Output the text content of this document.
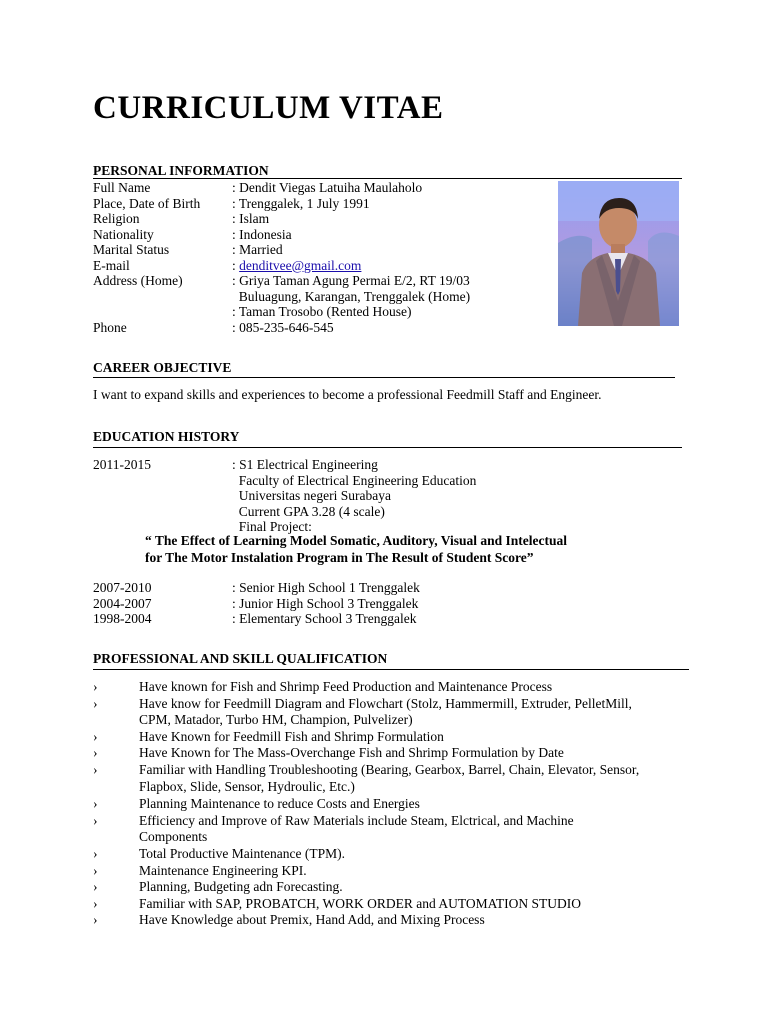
CURRICULUM VITAE
PERSONAL INFORMATION
Full Name	: Dendit Viegas Latuiha Maulaholo
Place, Date of Birth : Trenggalek, 1 July 1991
Religion	: Islam
Nationality	: Indonesia
Marital Status	: Married
E-mail	: denditvee@gmail.com
Address (Home)	: Griya Taman Agung Permai E/2, RT 19/03
Buluagung, Karangan, Trenggalek (Home)
: Taman Trosobo (Rented House)
Phone	: 085-235-646-545
CAREER OBJECTIVE
I want to expand skills and experiences to become a professional Feedmill Staff and Engineer.
EDUCATION HISTORY
2011-2015	: S1 Electrical Engineering
Faculty of Electrical Engineering Education
Universitas negeri Surabaya
Current GPA 3.28 (4 scale)
Final Project:
“ The Effect of Learning Model Somatic, Auditory, Visual and Intelectual for The Motor Instalation Program in The Result of Student Score”
2007-2010	: Senior High School 1 Trenggalek
2004-2007	: Junior High School 3 Trenggalek
1998-2004	: Elementary School 3 Trenggalek
PROFESSIONAL AND SKILL QUALIFICATION
›	Have known for Fish and Shrimp Feed Production and Maintenance Process
›	Have know for Feedmill Diagram and Flowchart (Stolz, Hammermill, Extruder, PelletMill, CPM, Matador, Turbo HM, Champion, Pulvelizer)
›	Have Known for Feedmill Fish and Shrimp Formulation
›	Have Known for The Mass-Overchange Fish and Shrimp Formulation by Date
›	Familiar with Handling Troubleshooting (Bearing, Gearbox, Barrel, Chain, Elevator, Sensor, Flapbox, Slide, Sensor, Hydroulic, Etc.)
›	Planning Maintenance to reduce Costs and Energies
›	Efficiency and Improve of Raw Materials include Steam, Elctrical, and Machine Components
›	Total Productive Maintenance (TPM).
›	Maintenance Engineering KPI.
›	Planning, Budgeting adn Forecasting.
›	Familiar with SAP, PROBATCH, WORK ORDER and AUTOMATION STUDIO
›	Have Knowledge about Premix, Hand Add, and Mixing Process
